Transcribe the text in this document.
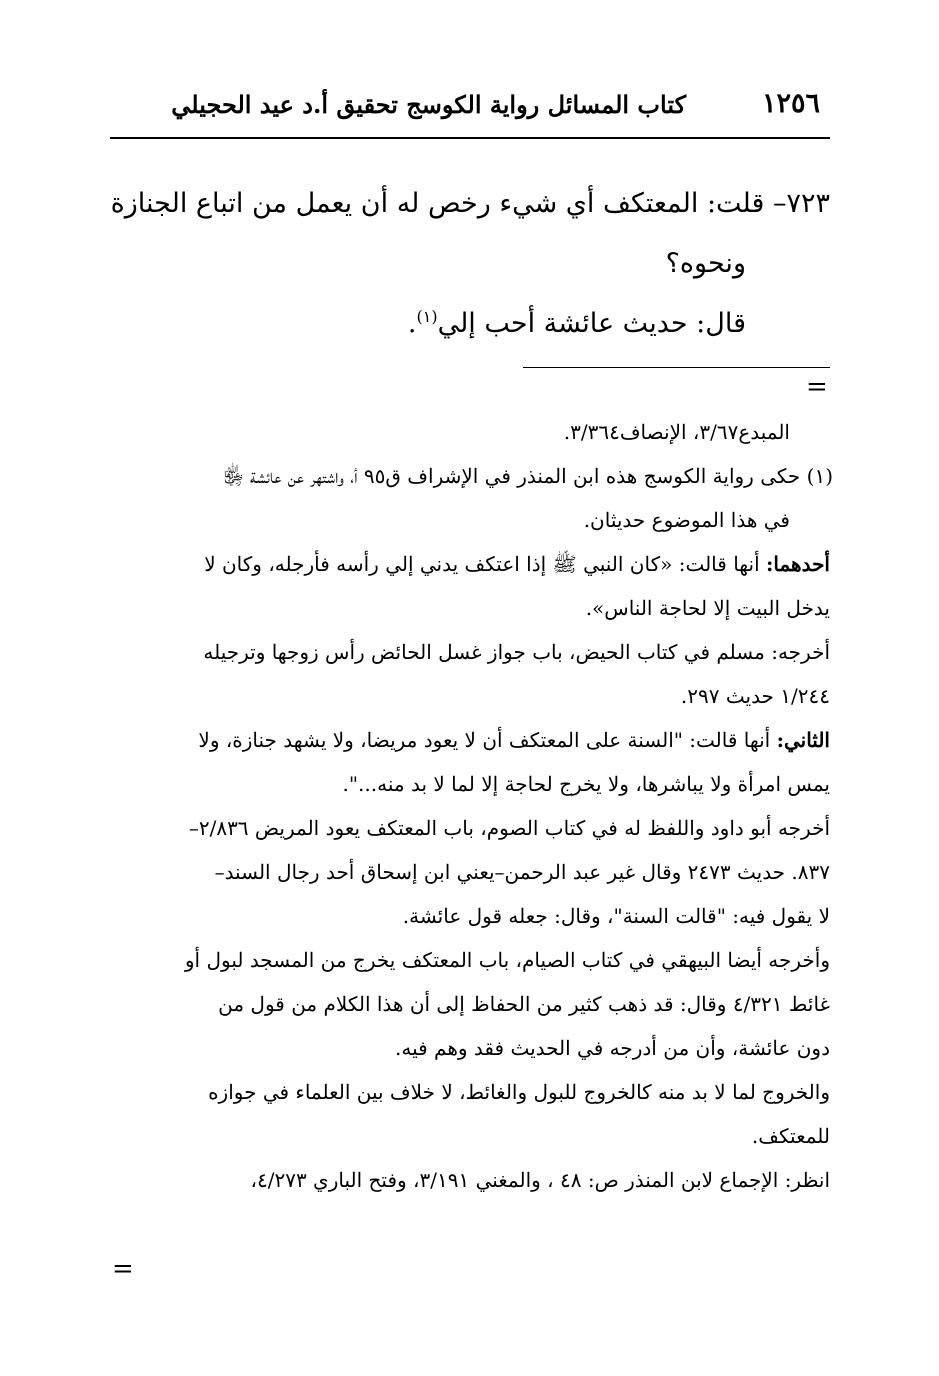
١٢٥٦
كتاب المسائل رواية الكوسج تحقيق أ.د عيد الحجيلي

٧٢٣– قلت: المعتكف أي شيء رخص له أن يعمل من اتباع الجنازة

ونحوه؟

قال: حديث عائشة أحب إلي$^{(١)}$.

=

المبدع٣/٦٧، الإنصاف٣/٣٦٤.

(١) حكى رواية الكوسج هذه ابن المنذر في الإشراف ق٩٥ أ، واشتهر عن عائشة ﵂

في هذا الموضوع حديثان.

أحدهما: أنها قالت: «كان النبي ﷺ إذا اعتكف يدني إلي رأسه فأرجله، وكان لا

يدخل البيت إلا لحاجة الناس».

أخرجه: مسلم في كتاب الحيض، باب جواز غسل الحائض رأس زوجها وترجيله

١/٢٤٤ حديث ٢٩٧.

الثاني: أنها قالت: "السنة على المعتكف أن لا يعود مريضا، ولا يشهد جنازة، ولا

يمس امرأة ولا يباشرها، ولا يخرج لحاجة إلا لما لا بد منه...".

أخرجه أبو داود واللفظ له في كتاب الصوم، باب المعتكف يعود المريض ٢/٨٣٦–

٨٣٧. حديث ٢٤٧٣ وقال غير عبد الرحمن–يعني ابن إسحاق أحد رجال السند–

لا يقول فيه: "قالت السنة"، وقال: جعله قول عائشة.

وأخرجه أيضا البيهقي في كتاب الصيام، باب المعتكف يخرج من المسجد لبول أو

غائط ٤/٣٢١ وقال: قد ذهب كثير من الحفاظ إلى أن هذا الكلام من قول من

دون عائشة، وأن من أدرجه في الحديث فقد وهم فيه.

والخروج لما لا بد منه كالخروج للبول والغائط، لا خلاف بين العلماء في جوازه

للمعتكف.

انظر: الإجماع لابن المنذر ص: ٤٨ ، والمغني ٣/١٩١، وفتح الباري ٤/٢٧٣،

=
